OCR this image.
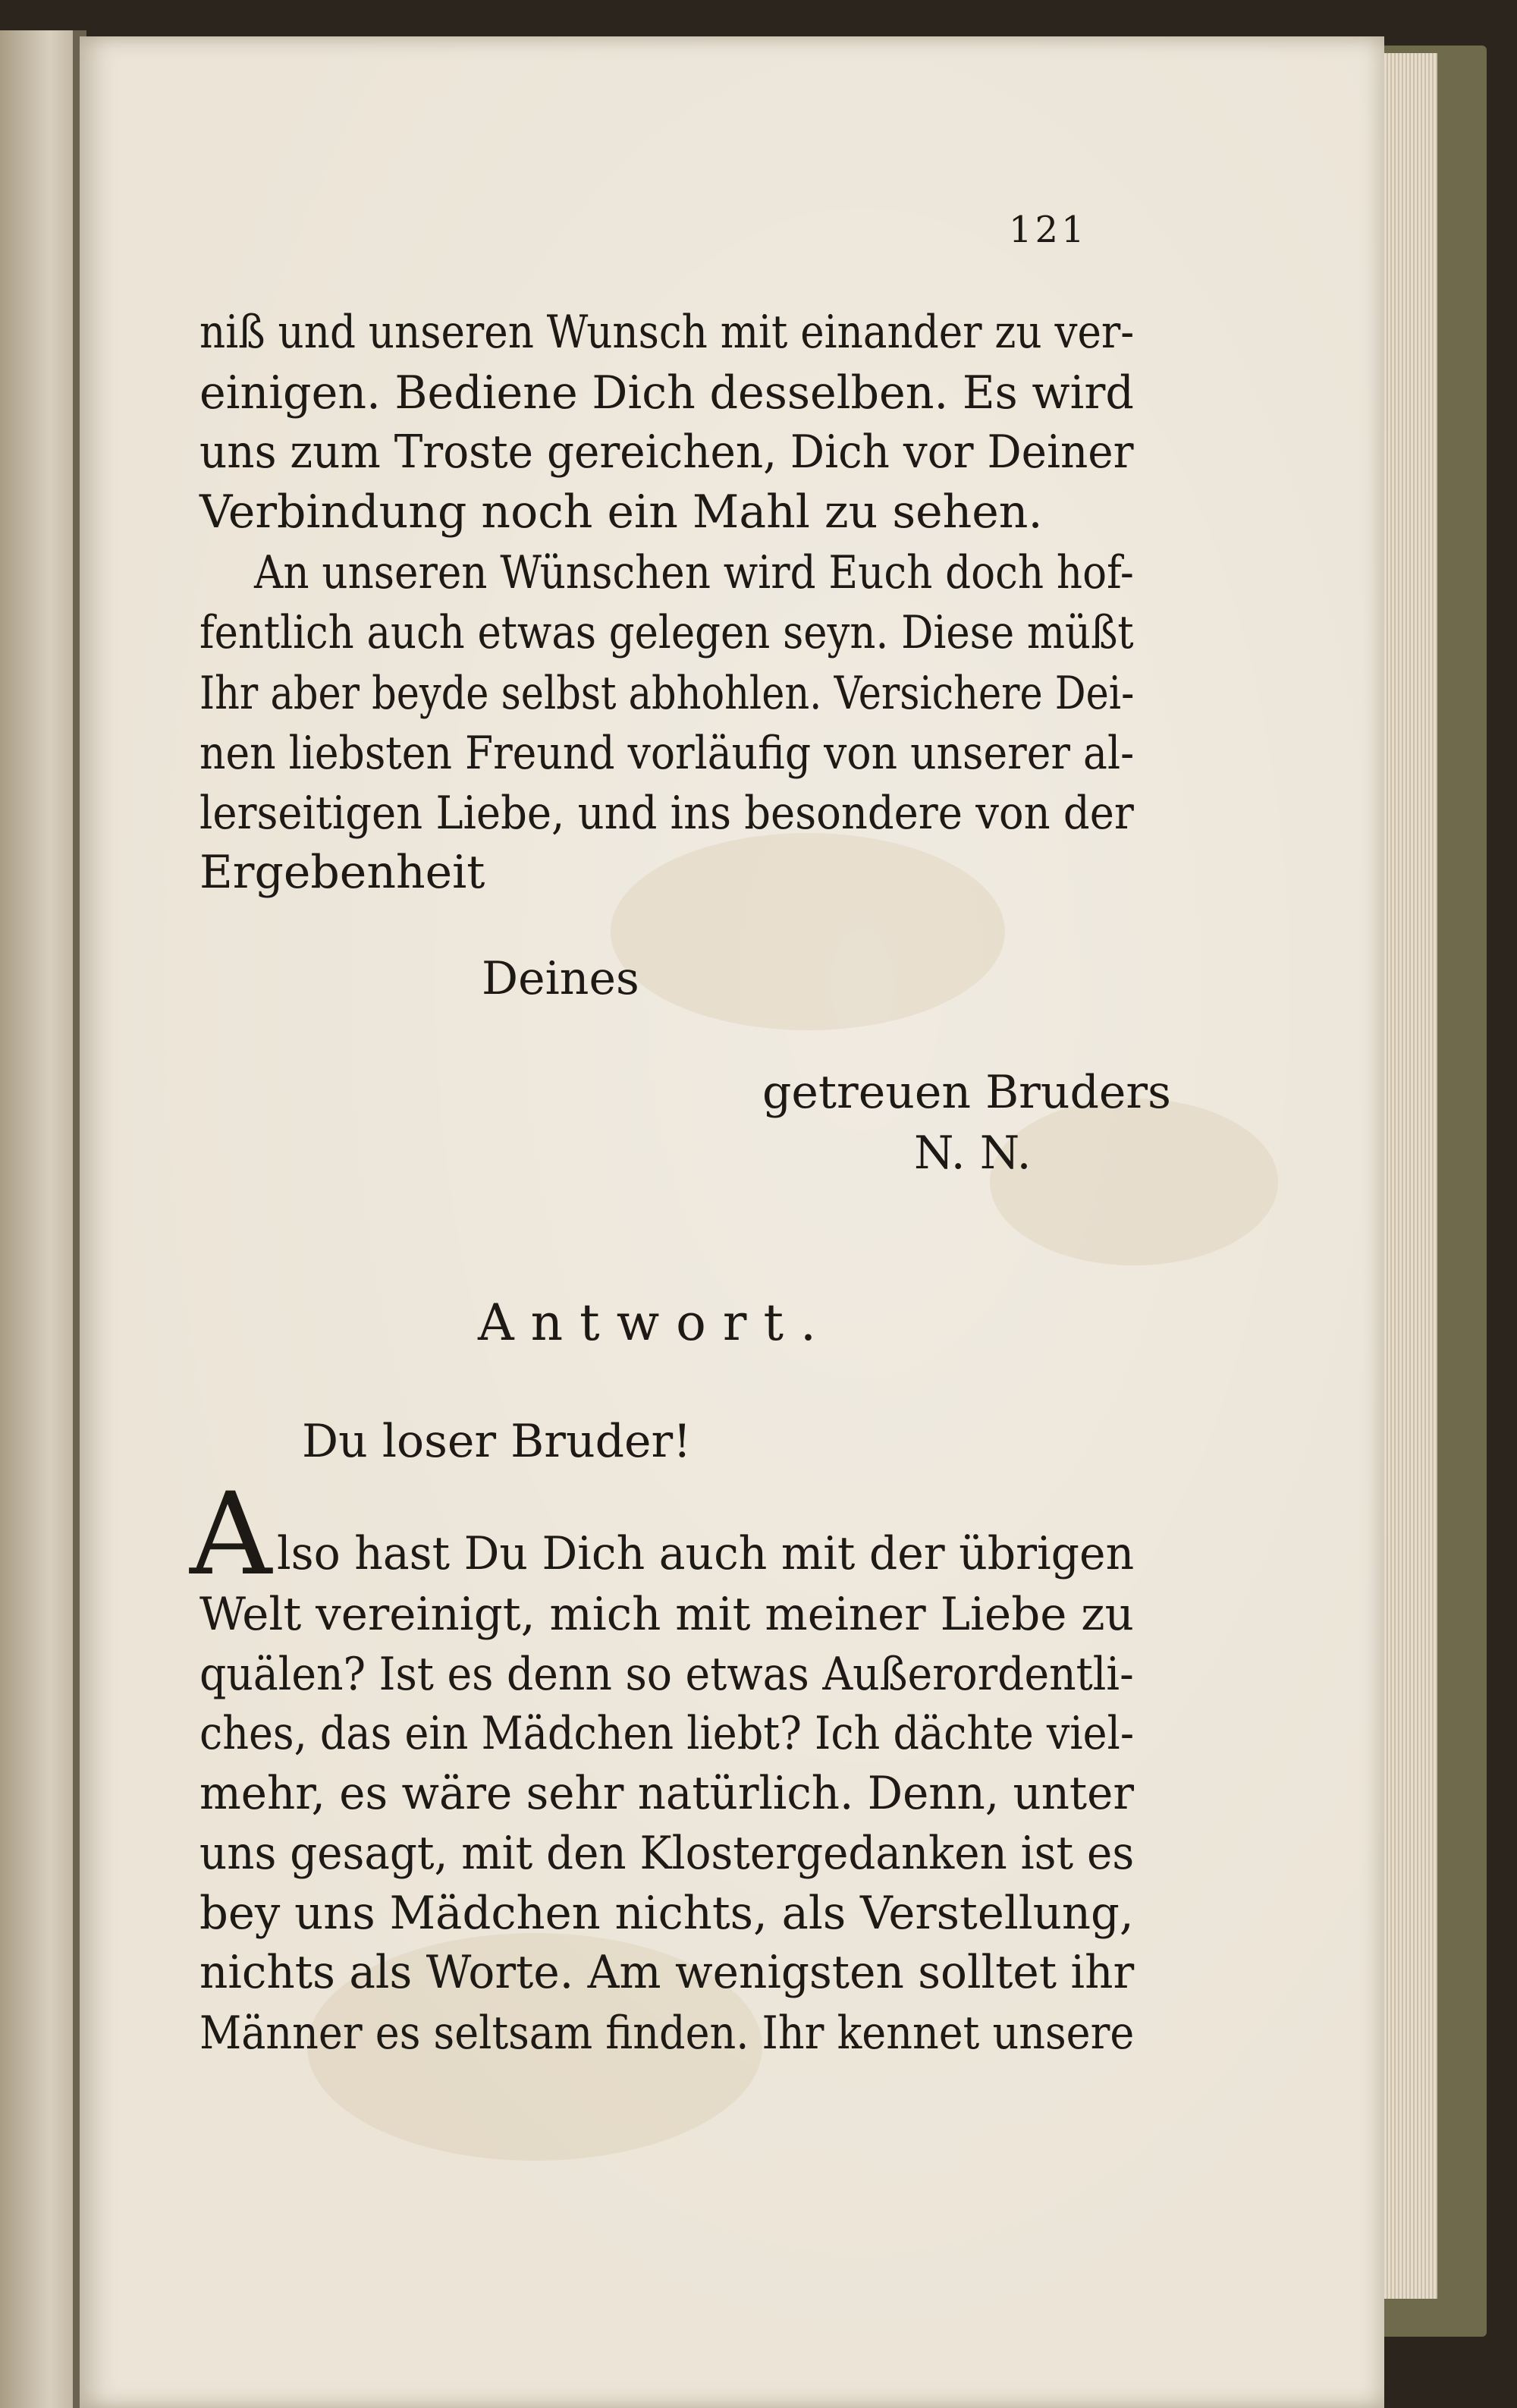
121
niß und unseren Wunsch mit einander zu ver-
einigen. Bediene Dich desselben. Es wird
uns zum Troste gereichen, Dich vor Deiner
Verbindung noch ein Mahl zu sehen.
An unseren Wünschen wird Euch doch hof-
fentlich auch etwas gelegen seyn. Diese müßt
Ihr aber beyde selbst abhohlen. Versichere Dei-
nen liebsten Freund vorläufig von unserer al-
lerseitigen Liebe, und ins besondere von der
Ergebenheit
Deines
getreuen Bruders
N. N.
Antwort.
Du loser Bruder!
A lso hast Du Dich auch mit der übrigen
Welt vereinigt, mich mit meiner Liebe zu
quälen? Ist es denn so etwas Außerordentli-
ches, das ein Mädchen liebt? Ich dächte viel-
mehr, es wäre sehr natürlich. Denn, unter
uns gesagt, mit den Klostergedanken ist es
bey uns Mädchen nichts, als Verstellung,
nichts als Worte. Am wenigsten solltet ihr
Männer es seltsam finden. Ihr kennet unsere
